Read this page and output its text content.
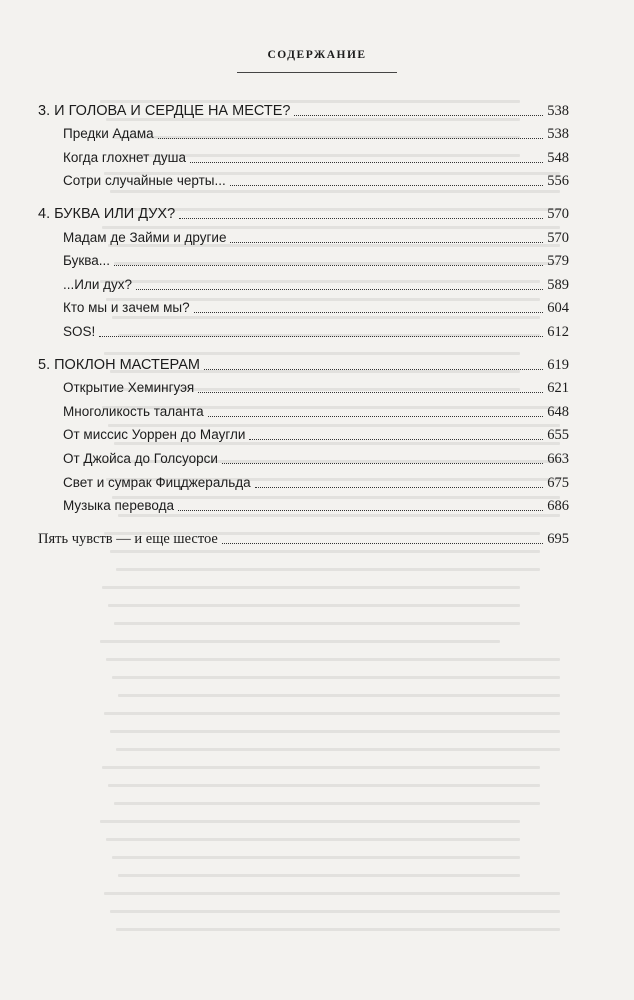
СОДЕРЖАНИЕ
3. И ГОЛОВА И СЕРДЦЕ НА МЕСТЕ?	538
Предки Адама	538
Когда глохнет душа	548
Сотри случайные черты...	556
4. БУКВА ИЛИ ДУХ?	570
Мадам де Займи и другие	570
Буква...	579
...Или дух?	589
Кто мы и зачем мы?	604
SOS!	612
5. ПОКЛОН МАСТЕРАМ	619
Открытие Хемингуэя	621
Многоликость таланта	648
От миссис Уоррен до Маугли	655
От Джойса до Голсуорси	663
Свет и сумрак Фицджеральда	675
Музыка перевода	686
Пять чувств — и еще шестое	695
